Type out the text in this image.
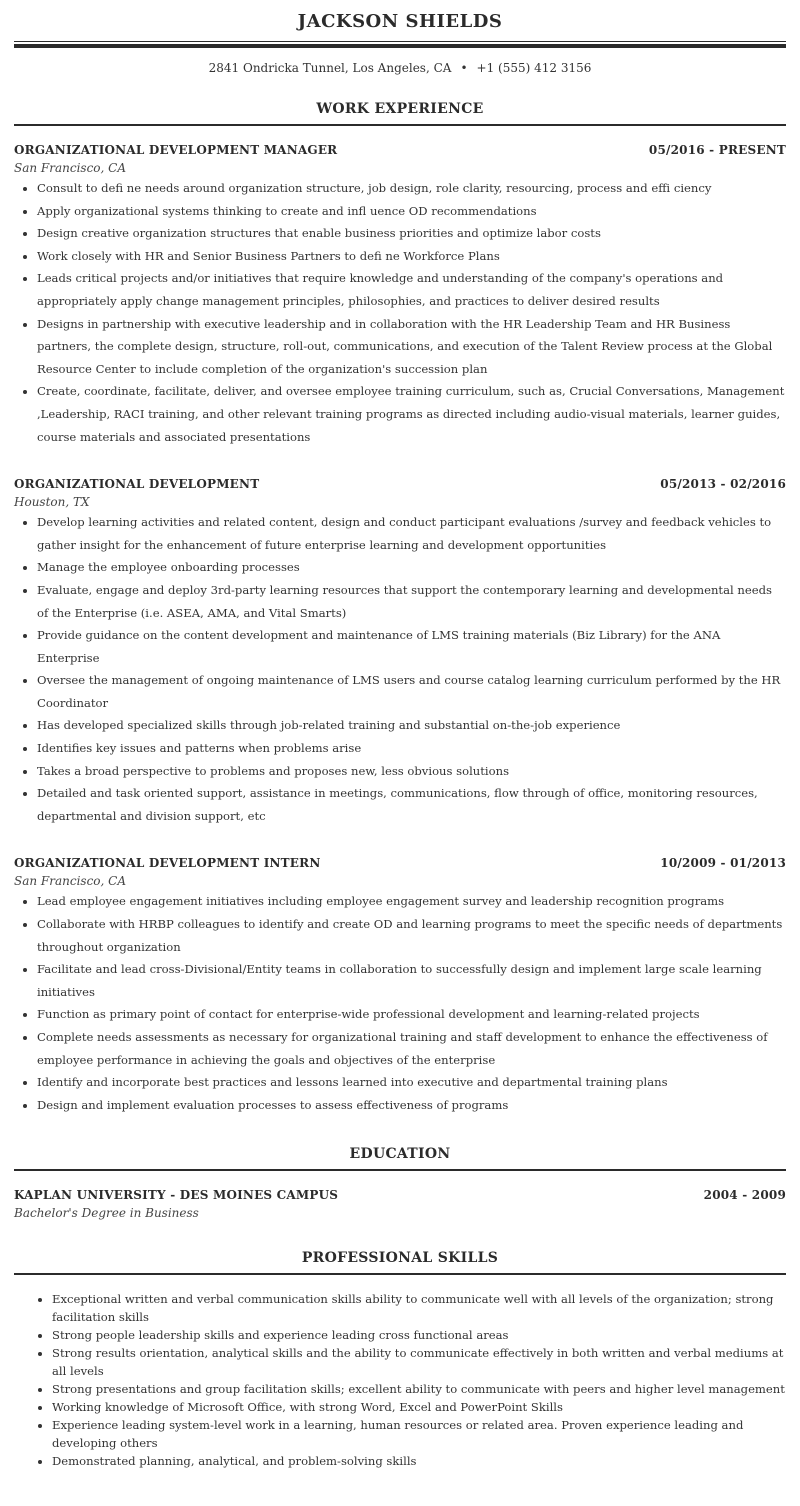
JACKSON SHIELDS
2841 Ondricka Tunnel, Los Angeles, CA • +1 (555) 412 3156
WORK EXPERIENCE
ORGANIZATIONAL DEVELOPMENT MANAGER	05/2016 - PRESENT
San Francisco, CA
• Consult to defi ne needs around organization structure, job design, role clarity, resourcing, process and effi ciency
• Apply organizational systems thinking to create and infl uence OD recommendations
• Design creative organization structures that enable business priorities and optimize labor costs
• Work closely with HR and Senior Business Partners to defi ne Workforce Plans
• Leads critical projects and/or initiatives that require knowledge and understanding of the company's operations and appropriately apply change management principles, philosophies, and practices to deliver desired results
• Designs in partnership with executive leadership and in collaboration with the HR Leadership Team and HR Business partners, the complete design, structure, roll-out, communications, and execution of the Talent Review process at the Global Resource Center to include completion of the organization's succession plan
• Create, coordinate, facilitate, deliver, and oversee employee training curriculum, such as, Crucial Conversations, Management ,Leadership, RACI training, and other relevant training programs as directed including audio-visual materials, learner guides, course materials and associated presentations
ORGANIZATIONAL DEVELOPMENT	05/2013 - 02/2016
Houston, TX
• Develop learning activities and related content, design and conduct participant evaluations /survey and feedback vehicles to gather insight for the enhancement of future enterprise learning and development opportunities
• Manage the employee onboarding processes
• Evaluate, engage and deploy 3rd-party learning resources that support the contemporary learning and developmental needs of the Enterprise (i.e. ASEA, AMA, and Vital Smarts)
• Provide guidance on the content development and maintenance of LMS training materials (Biz Library) for the ANA Enterprise
• Oversee the management of ongoing maintenance of LMS users and course catalog learning curriculum performed by the HR Coordinator
• Has developed specialized skills through job-related training and substantial on-the-job experience
• Identifies key issues and patterns when problems arise
• Takes a broad perspective to problems and proposes new, less obvious solutions
• Detailed and task oriented support, assistance in meetings, communications, flow through of office, monitoring resources, departmental and division support, etc
ORGANIZATIONAL DEVELOPMENT INTERN	10/2009 - 01/2013
San Francisco, CA
• Lead employee engagement initiatives including employee engagement survey and leadership recognition programs
• Collaborate with HRBP colleagues to identify and create OD and learning programs to meet the specific needs of departments throughout organization
• Facilitate and lead cross-Divisional/Entity teams in collaboration to successfully design and implement large scale learning initiatives
• Function as primary point of contact for enterprise-wide professional development and learning-related projects
• Complete needs assessments as necessary for organizational training and staff development to enhance the effectiveness of employee performance in achieving the goals and objectives of the enterprise
• Identify and incorporate best practices and lessons learned into executive and departmental training plans
• Design and implement evaluation processes to assess effectiveness of programs
EDUCATION
KAPLAN UNIVERSITY - DES MOINES CAMPUS	2004 - 2009
Bachelor's Degree in Business
PROFESSIONAL SKILLS
• Exceptional written and verbal communication skills ability to communicate well with all levels of the organization; strong facilitation skills
• Strong people leadership skills and experience leading cross functional areas
• Strong results orientation, analytical skills and the ability to communicate effectively in both written and verbal mediums at all levels
• Strong presentations and group facilitation skills; excellent ability to communicate with peers and higher level management
• Working knowledge of Microsoft Office, with strong Word, Excel and PowerPoint Skills
• Experience leading system-level work in a learning, human resources or related area. Proven experience leading and developing others
• Demonstrated planning, analytical, and problem-solving skills
